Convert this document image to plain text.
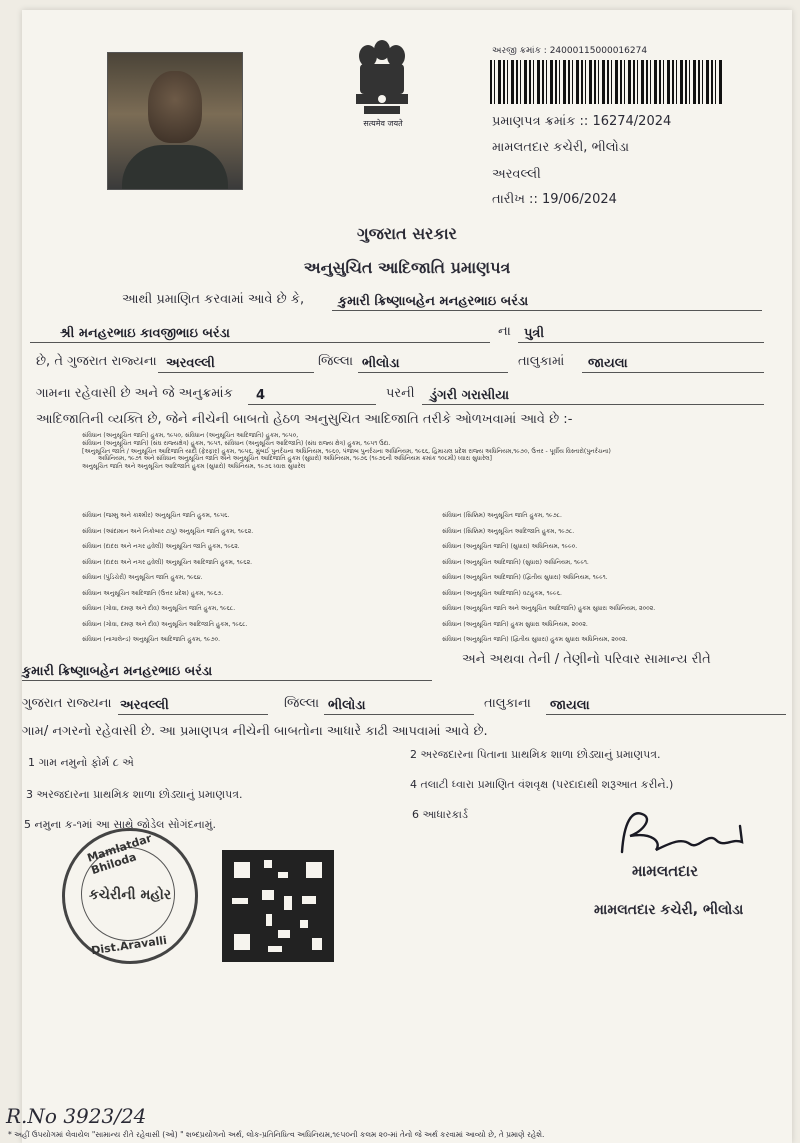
सत्यमेव जयते
અરજી ક્રમાંક : 24000115000016274
પ્રમાણપત્ર ક્રમાંક :: 16274/2024
મામલતદાર કચેરી, ભીલોડા
અરવલ્લી
તારીખ :: 19/06/2024
ગુજરાત સરકાર
અનુસુચિત આદિજાતિ પ્રમાણપત્ર
આથી પ્રમાણિત કરવામાં આવે છે કે,	કુમારી ક્રિષ્ણાબહેન મનહરભાઇ બરંડા
શ્રી મનહરભાઇ કાવજીભાઇ બરંડા	ના	પુત્રી
છે, તે ગુજરાત રાજ્યના અરવલ્લી	જિલ્લા ભીલોડા	તાલુકામાં	જાયલા
ગામના રહેવાસી છે અને જે અનુક્રમાંક	4	પરની	ડુંગરી ગરાસીયા
આદિજાતિની વ્યક્તિ છે, જેને નીચેની બાબતો હેઠળ અનુસુચિત આદિજાતિ તરીકે ઓળખવામાં આવે છે :-
સંવિધાન (અનુસૂચિત જાતિ) હુકમ, ૧૯૫૦, સંવિધાન (અનુસૂચિત આદિજાતિ) હુકમ, ૧૯૫૦,
સંવિધાન (અનુસૂચિત જાતિ) (સંઘ રાજ્યક્ષેત્ર) હુકમ, ૧૯૫૧, સંવિધાન (અનુસૂચિત આદિજાતિ) (સંઘ રાજ્ય ક્ષેત્ર) હુકમ, ૧૯૫૧ ઉદા.
[અનુસૂચિત જાતિ / અનુસૂચિત આદિજાતિ યાદી (ફેરફાર) હુકમ, ૧૯૫૬, મુંબઈ પુનર્રચના અધિનિયમ, ૧૯૬૦, પંજાબ પુનર્રચના અધિનિયમ, ૧૯૬૬, હિમાચલ પ્રદેશ રાજ્ય અધિનિયમ,૧૯૭૦, ઉત્તર - પૂર્વીય વિસ્તારો(પુનર્રચના)
અધિનિયમ, ૧૯૭૧ અને સંવિધાન અનુસૂચિત જાતિ અને અનુસૂચિત આદિજાતિ હુકમ (સુધારો) અધિનિયમ, ૧૯૭૬ (૧૯૭૬ની અધિનિયમ ક્રમાંક ૧૦૮મી) ધ્વારા સુધારેલ]
અનુસૂચિત જાતિ અને અનુસૂચિત આદિજાતિ હુકમ (સુધારો) અધિનિયમ, ૧૯૭૬ ધ્વારા સુધારેલ
સંવિધાન (જમ્મુ અને કાશ્મીર) અનુસૂચિત જાતિ હુકમ, ૧૯૫૬.
સંવિધાન (આંદામાન અને નિકોબાર ટાપુ) અનુસૂચિત જાતિ હુકમ, ૧૯૬૨.
સંવિધાન (દાદરા અને નગર હવેલી) અનુસૂચિત જાતિ હુકમ, ૧૯૬૨.
સંવિધાન (દાદરા અને નગર હવેલી) અનુસૂચિત આદિજાતિ હુકમ, ૧૯૬૨.
સંવિધાન (પુંડિચેરી) અનુસૂચિત જાતિ હુકમ, ૧૯૬૪.
સંવિધાન અનુસૂચિત આદિજાતિ (ઉત્તર પ્રદેશ) હુકમ, ૧૯૬૭.
સંવિધાન (ગોવા, દમણ અને દીવ) અનુસૂચિત જાતિ હુકમ, ૧૯૬૮.
સંવિધાન (ગોવા, દમણ અને દીવ) અનુસૂચિત આદિજાતિ હુકમ, ૧૯૬૮.
સંવિધાન (નાગાલેન્ડ) અનુસૂચિત આદિજાતિ હુકમ, ૧૯૭૦.
સંવિધાન (સિક્કિમ) અનુસૂચિત જાતિ હુકમ, ૧૯૭૮.
સંવિધાન (સિક્કિમ) અનુસૂચિત આદિજાતિ હુકમ, ૧૯૭૮.
સંવિધાન (અનુસૂચિત જાતિ) (સુધારા) અધિનિયમ, ૧૯૯૦.
સંવિધાન (અનુસૂચિત આદિજાતિ) (સુધારા) અધિનિયમ, ૧૯૯૧.
સંવિધાન (અનુસૂચિત આદિજાતિ) (દ્વિતીય સુધારા) અધિનિયમ, ૧૯૯૧.
સંવિધાન (અનુસૂચિત આદિજાતિ) વટહુકમ, ૧૯૯૬.
સંવિધાન (અનુસૂચિત જાતિ અને અનુસૂચિત આદિજાતિ) હુકમ સુધારા અધિનિયમ, ૨૦૦૨.
સંવિધાન (અનુસૂચિત જાતિ) હુકમ સુધારા અધિનિયમ, ૨૦૦૨.
સંવિધાન (અનુસૂચિત જાતિ) (દ્વિતીય સુધારા) હુકમ સુધારા અધિનિયમ, ૨૦૦૨.
કુમારી ક્રિષ્ણાબહેન મનહરભાઇ બરંડા
અને અથવા તેની / તેણીનો પરિવાર સામાન્ય રીતે
ગુજરાત રાજ્યના અરવલ્લી	જિલ્લા ભીલોડા	તાલુકાના	જાયલા
ગામ/ નગરનો રહેવાસી છે. આ પ્રમાણપત્ર નીચેની બાબતોના આધારે કાઢી આપવામાં આવે છે.
1 ગામ નમુનો ફોર્મ ૮ એ
2 અરજદારના પિતાના પ્રાથમિક શાળા છોડ્યાનું પ્રમાણપત્ર.
3 અરજદારના પ્રાથમિક શાળા છોડ્યાનું પ્રમાણપત્ર.
4 તલાટી ધ્વારા પ્રમાણિત વંશવૃક્ષ (પરદાદાથી શરૂઆત કરીને.)
5 નમુના ક-૧માં આ સાથે જોડેલ સોગંદનામું.
6 આધારકાર્ડ
Mamlatdar Bhiloda
Dist.Aravalli
કચેરીની મહોર
મામલતદાર
મામલતદાર કચેરી, ભીલોડા
R.No 3923/24
* અહીં ઉપયોગમાં લેવાયેલ "સામાન્ય રીતે રહેવાસી (ઓ) " શબ્દપ્રયોગનો અર્થ, લોક-પ્રતિનિધિત્વ અધિનિયમ,૧૯૫૦ની કલમ ૨૦-માં તેનો જે અર્થ કરવામાં આવ્યો છે, તે પ્રમાણે રહેશે.
